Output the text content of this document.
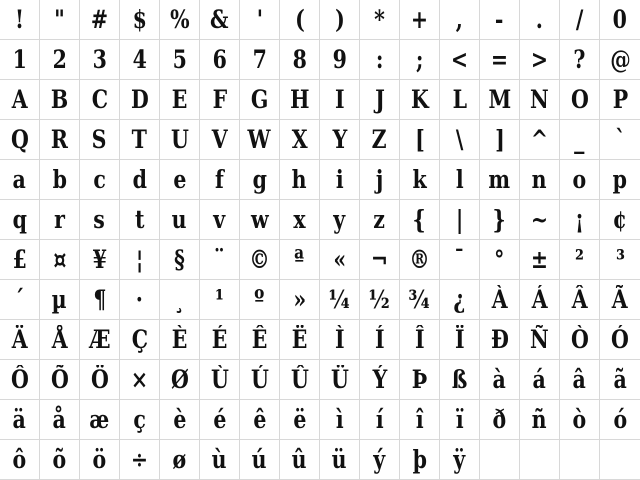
! " # $ % & ' ( ) * + , - . / 0
1 2 3 4 5 6 7 8 9 : ; < = > ? @
A B C D E F G H I J K L M N O P
Q R S T U V W X Y Z [ \ ] ^ _ `
a b c d e f g h i j k l m n o p
q r s t u v w x y z { | } ~ ¡ ¢
£ ¤ ¥ ¦ § ¨ © ª « ¬ ® ¯ ° ± ² ³
´ µ ¶ · ¸ ¹ º » ¼ ½ ¾ ¿ À Á Â Ã
Ä Å Æ Ç È É Ê Ë Ì Í Î Ï Ð Ñ Ò Ó
Ô Õ Ö × Ø Ù Ú Û Ü Ý Þ ß à á â ã
ä å æ ç è é ê ë ì í î ï ð ñ ò ó
ô õ ö ÷ ø ù ú û ü ý þ ÿ
